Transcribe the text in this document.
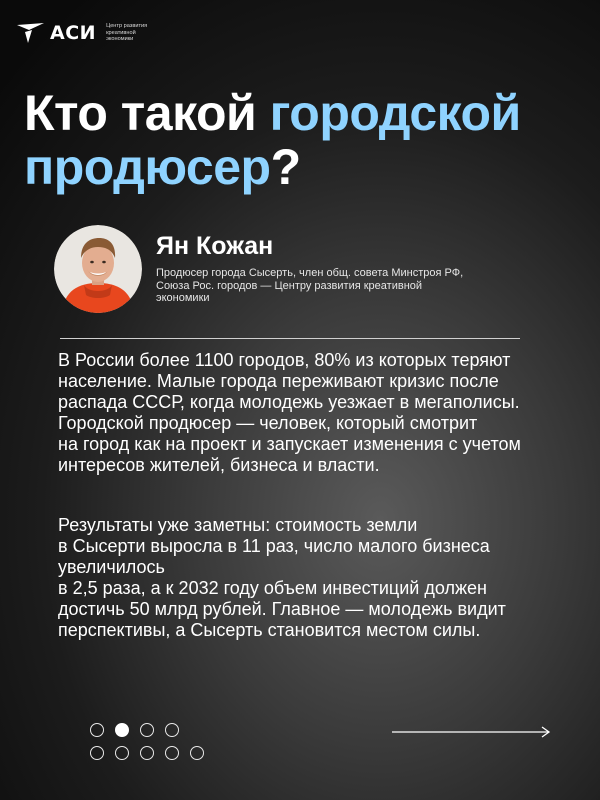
АСИ Центр развития креативной экономики
Кто такой городской
продюсер?
Ян Кожан
Продюсер города Сысерть, член общ. совета Минстроя РФ, Союза Рос. городов — Центру развития креативной экономики

В России более 1100 городов, 80% из которых теряют население. Малые города переживают кризис после распада СССР, когда молодежь уезжает в мегаполисы. Городской продюсер — человек, который смотрит
на город как на проект и запускает изменения с учетом интересов жителей, бизнеса и власти.

Результаты уже заметны: стоимость земли
в Сысерти выросла в 11 раз, число малого бизнеса увеличилось
в 2,5 раза, а к 2032 году объем инвестиций должен достичь 50 млрд рублей. Главное — молодежь видит перспективы, а Сысерть становится местом силы.
